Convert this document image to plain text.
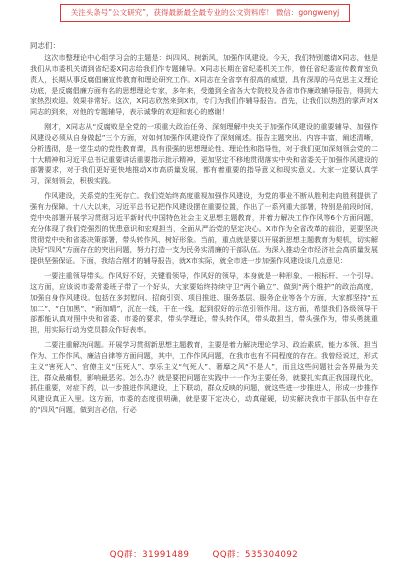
关注头条号“公文研究”，获得最新最全最专业的公文资料库！ 微信：gongwenyj

同志们：

这次市整理论中心组学习会的主题是：纠四风、树新风，加强作风建设。今天，我们特别邀请X同志，他是我们从市委机关请到省纪委X同志给我们作专题辅导。X同志长期在省纪委机关工作，曾任省纪委宣传教育室负责人，长期从事反腐倡廉宣传教育和理论研究工作。X同志在全省享有很高的威望，具有深厚的马克思主义理论功底，是反腐倡廉方面有名的思想理论专家，多年来，受邀到全省各大专院校及各省市作廉政辅导报告，得到大家热烈欢迎。效果非常好。这次，X同志欣然来到X市，专门为我们作辅导报告。首先，让我们以热烈的掌声对X同志的到来，对他的专题辅导，表示诚挚的欢迎和衷心的感谢！

刚才，X同志从“反腐败是全党的一项重大政治任务、深刻理解中央关于加强作风建设的重要辅导、加强作风建设必须从自身做起”三个方面，对如何加强作风建设作了深刻阐述。报告主题突出、内容丰富，阐述清晰，分析透彻，是一堂生动的党性教育课，具有很强的思想理论性、理论性和指导性，对于我们更加深刻领会党的二十大精神和习近平总书记重要讲话重要指示批示精神，更加坚定不移地贯彻落实中央和省委关于加强作风建设的部署要求，对于我们更好更快地推动X市高质量发展，都有着重要的指导意义和现实意义。大家一定要认真学习，深刻领会，积极实践。

作风建设，关系党的生死存亡。我们党始终高度重视加强作风建设，为党的事业不断从胜利走向胜利提供了强有力保障。十八大以来，习近平总书记把作风建设摆在重要位置，作出了一系列重大部署，特别是前段时间，党中央部署开展学习贯彻习近平新时代中国特色社会主义思想主题教育，并着力解决工作作风等6个方面问题，充分体现了我们党强烈的忧患意识和宏观担当，全面从严治党的坚定决心。X市作为全省改革的前沿，更要坚决贯彻党中央和省委决策部署，带头转作风、树好形象。当前，重点就是要以开展新思想主题教育为契机，切实解决好“四风”方面存在的突出问题，努力打造一支为民务实清廉的干部队伍。为深入推动全市经济社会高质量发展提供坚强保证。下面，我结合刚才的辅导报告，就X市实际，就全市进一步加强作风建设谈几点意见：

一要注重领导带头。作风好不好，关键看领导，作风好的领导，本身就是一种形象、一根标杆、一个引导。这方面，应该说市委常委班子带了一个好头，大家要始终持续守卫“两个确立”、做到“两个维护”的政治高度，加强自身作风建设。包括在多封慰问、招商引资、项目推进、服务基层、服务企业等各个方面，大家都坚持“五加二”、“白加黑”、“雨加晴”，沉在一线，干在一线，起到很好的示范引领作用。这方面，希望我们各级领导干部都能认真对照中央和省委、市委的要求，带头学理论，带头转作风，带头敢担当，带头强作为，带头勇挑重担，用实际行动为党员群众作好表率。

二要注重解决问题。开展学习贯彻新思想主题教育，主要是着力解决理论学习、政治素质、能力本领、担当作为、工作作风、廉洁自律等方面问题，其中，工作作风问题，在我市也有不同程度的存在。我曾经说过，形式主义“害死人”、官僚主义“压死人”、享乐主义“气死人”、奢靡之风“不是人”，而且这些问题社会各界最为关注，群众最痛恨，影响最恶劣。怎么办？就是要把问题在实践中一一作为主要任务，就要扎实真正我国现代化，抓住重要，对症下药，以一步推进作风建设，上下联动，群众反映的问题，就这些进一步推进人，形成一步推作风建设真正入里。这方面，市委的态度很明确，就是要下定决心，动真碰硬，切实解决我市干部队伍中存在的“四风”问题，做到言必信，行必

QQ群：31991489	QQ群：535304092
